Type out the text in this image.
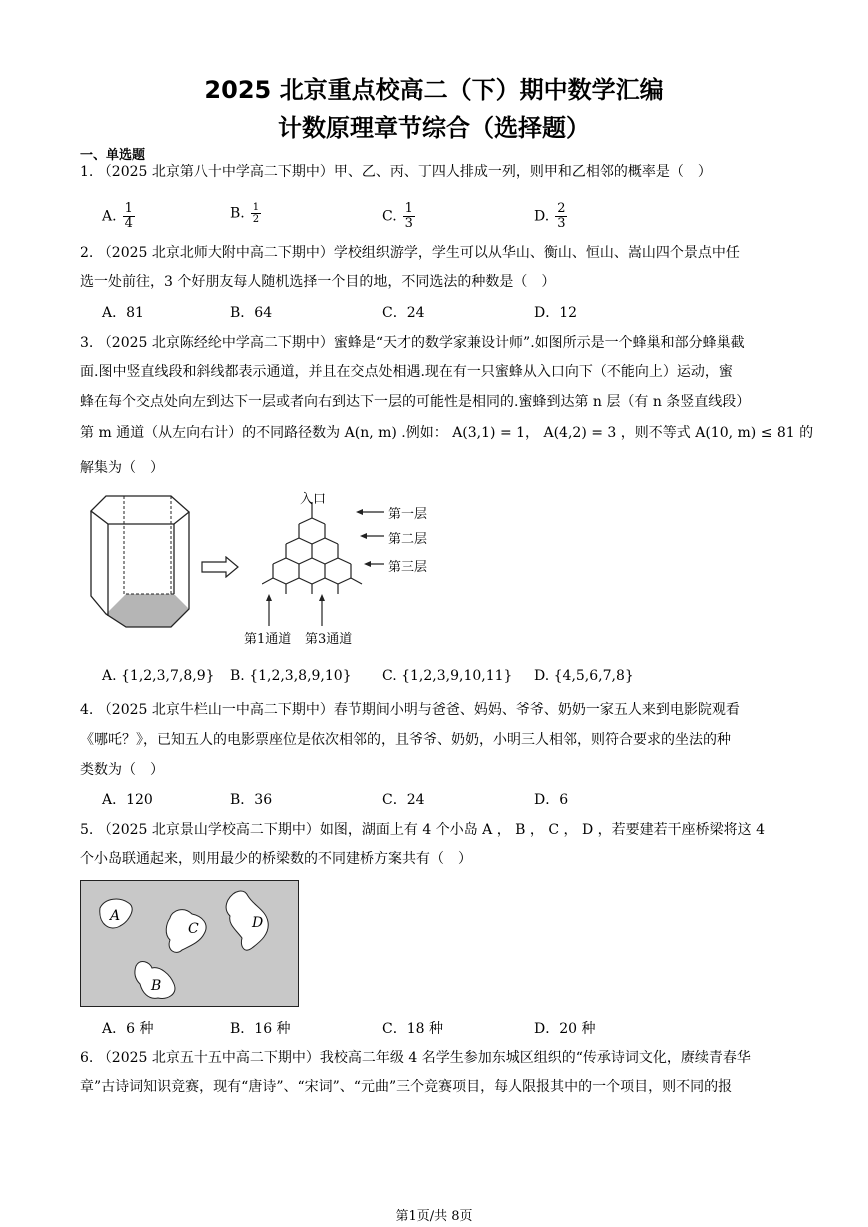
2025 北京重点校高二（下）期中数学汇编
计数原理章节综合（选择题）
一、单选题
1. （2025 北京第八十中学高二下期中）甲、乙、丙、丁四人排成一列，则甲和乙相邻的概率是（　）
A. $\frac{1}{4}$	B. $\frac{1}{2}$	C. $\frac{1}{3}$	D. $\frac{2}{3}$
2. （2025 北京北师大附中高二下期中）学校组织游学，学生可以从华山、衡山、恒山、嵩山四个景点中任
选一处前往，3 个好朋友每人随机选择一个目的地，不同选法的种数是（　）
A．81	B．64	C．24	D．12
3. （2025 北京陈经纶中学高二下期中）蜜蜂是“天才的数学家兼设计师”.如图所示是一个蜂巢和部分蜂巢截
面.图中竖直线段和斜线都表示通道，并且在交点处相遇.现在有一只蜜蜂从入口向下（不能向上）运动，蜜
蜂在每个交点处向左到达下一层或者向右到达下一层的可能性是相同的.蜜蜂到达第 n 层（有 n 条竖直线段）
第 m 通道（从左向右计）的不同路径数为 A(n, m) .例如： A(3,1) = 1， A(4,2) = 3 ，则不等式 A(10, m) ≤ 81 的
解集为（　）
入口
第一层
第二层
第三层
第1通道 第3通道
A. {1,2,3,7,8,9} B. {1,2,3,8,9,10} C. {1,2,3,9,10,11} D. {4,5,6,7,8}
4. （2025 北京牛栏山一中高二下期中）春节期间小明与爸爸、妈妈、爷爷、奶奶一家五人来到电影院观看
《哪吒？》，已知五人的电影票座位是依次相邻的，且爷爷、奶奶，小明三人相邻，则符合要求的坐法的种
类数为（　）
A．120	B．36	C．24	D．6
5. （2025 北京景山学校高二下期中）如图，湖面上有 4 个小岛 A ， B ， C ， D ，若要建若干座桥梁将这 4
个小岛联通起来，则用最少的桥梁数的不同建桥方案共有（　）
A
C	D
B
A．6 种	B．16 种	C．18 种	D．20 种
6. （2025 北京五十五中高二下期中）我校高二年级 4 名学生参加东城区组织的“传承诗词文化，赓续青春华
章”古诗词知识竞赛，现有“唐诗”、“宋词”、“元曲”三个竞赛项目，每人限报其中的一个项目，则不同的报
第1页/共 8页
